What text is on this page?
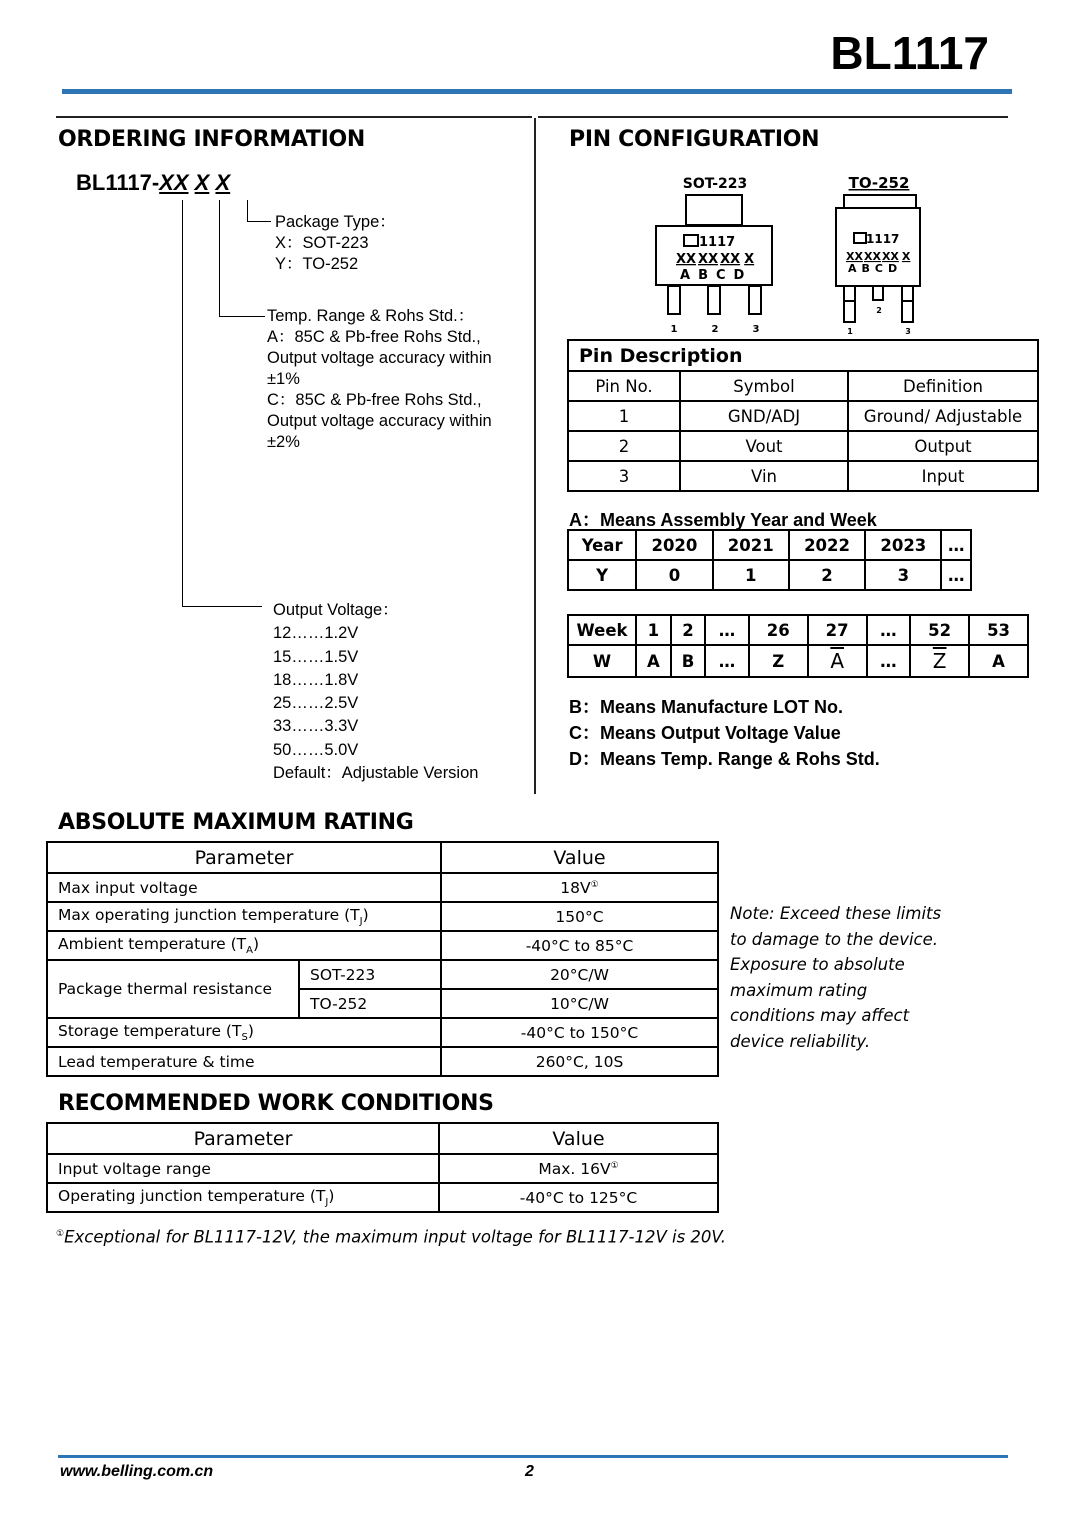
BL1117
ORDERING INFORMATION
BL1117-XX X X
Package Type：
X：SOT-223
Y：TO-252
Temp. Range & Rohs Std.：
A：85C & Pb-free Rohs Std.,
Output voltage accuracy within
±1%
C：85C & Pb-free Rohs Std.,
Output voltage accuracy within
±2%
Output Voltage：
12……1.2V
15……1.5V
18……1.8V
25……2.5V
33……3.3V
50……5.0V
Default：Adjustable Version
PIN CONFIGURATION
SOT-223
1117
XX XX XX X
A B C D
1	2	3
TO-252
1117
XXXXXX X
A B C D
1
2
3
Pin Description		
Pin No.	Symbol	Definition
1	GND/ADJ	Ground/ Adjustable
2	Vout	Output
3	Vin	Input
A：Means Assembly Year and Week
Year	2020	2021	2022	2023	…
Y	0	1	2	3	…
Week	1	2	…	26	27	…	52	53
W	A	B	…	Z	$\overline{A}$	…	$\overline{Z}$	A
B：Means Manufacture LOT No.
C：Means Output Voltage Value
D：Means Temp. Range & Rohs Std.
ABSOLUTE MAXIMUM RATING
Parameter		Value
Max input voltage		18V①
Max operating junction temperature $(T_J)$		150°C
Ambient temperature $(T_A)$		-40°C to 85°C
Package thermal resistance	SOT-223	20°C/W
	TO-252	10°C/W
Storage temperature $(T_S)$		-40°C to 150°C
Lead temperature & time		260°C, 10S
Note: Exceed these limits
to damage to the device.
Exposure to absolute
maximum rating
conditions may affect
device reliability.
RECOMMENDED WORK CONDITIONS
Parameter	Value
Input voltage range	Max. 16V①
Operating junction temperature $(T_J)$	-40°C to 125°C
①Exceptional for BL1117-12V, the maximum input voltage for BL1117-12V is 20V.
www.belling.com.cn	2
